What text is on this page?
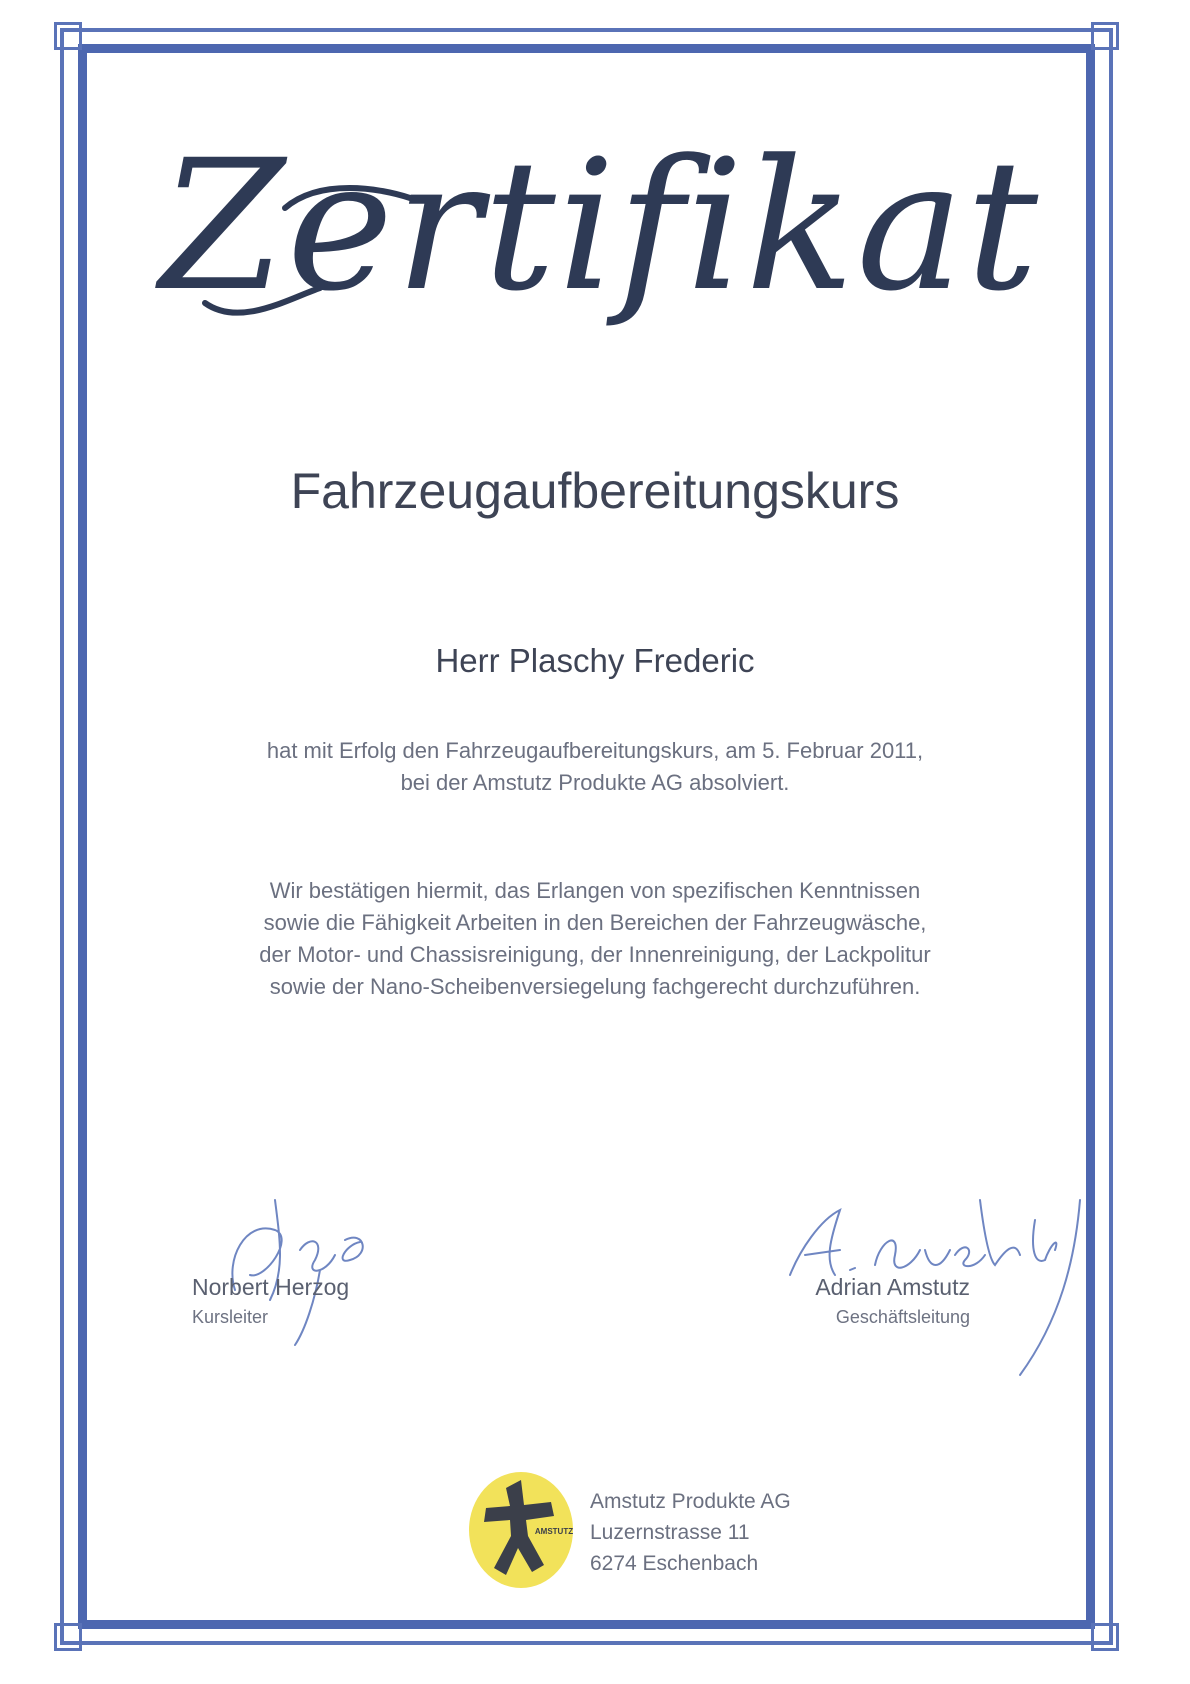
Zertifikat
Fahrzeugaufbereitungskurs
Herr Plaschy Frederic
hat mit Erfolg den Fahrzeugaufbereitungskurs, am 5. Februar 2011,
bei der Amstutz Produkte AG absolviert.
Wir bestätigen hiermit, das Erlangen von spezifischen Kenntnissen
sowie die Fähigkeit Arbeiten in den Bereichen der Fahrzeugwäsche,
der Motor- und Chassisreinigung, der Innenreinigung, der Lackpolitur
sowie der Nano-Scheibenversiegelung fachgerecht durchzuführen.
Norbert Herzog
Kursleiter
Adrian Amstutz
Geschäftsleitung
AMSTUTZ
Amstutz Produkte AG
Luzernstrasse 11
6274 Eschenbach
